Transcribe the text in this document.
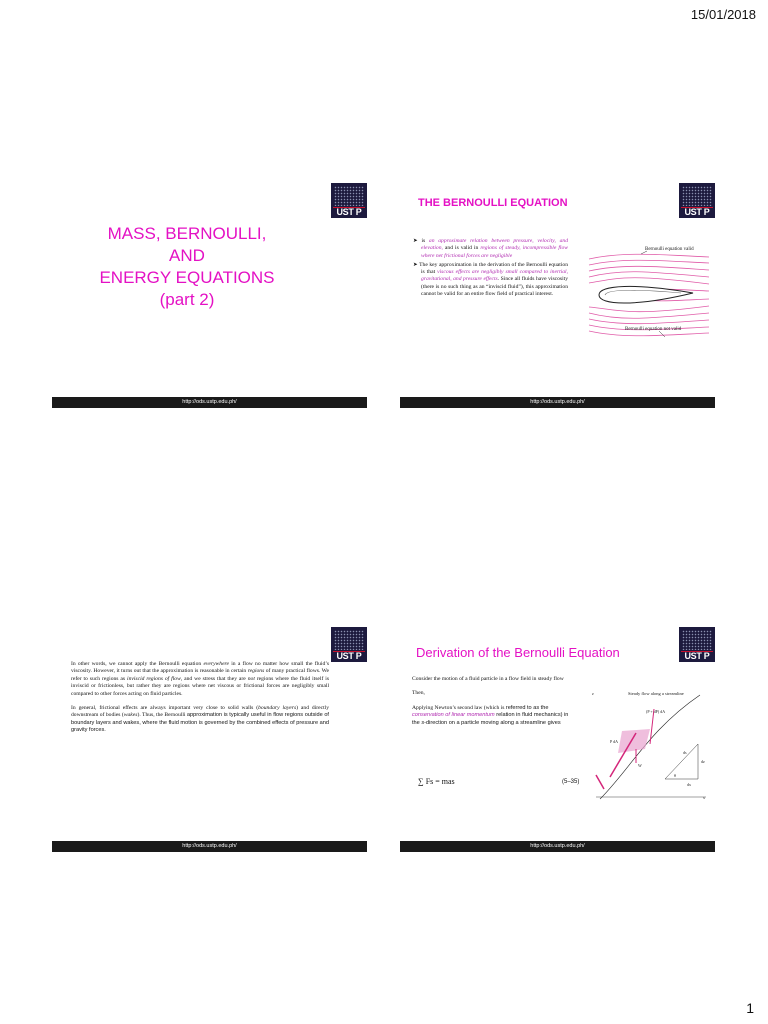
15/01/2018
UST P
MASS, BERNOULLI,
AND
ENERGY EQUATIONS
(part 2)
http://ods.ustp.edu.ph/
UST P
THE BERNOULLI EQUATION

➤ is an approximate relation between pressure, velocity, and elevation, and is valid in regions of steady, incompressible flow where net frictional forces are negligible

➤ The key approximation in the derivation of the Bernoulli equation is that viscous effects are negligibly small compared to inertial, gravitational, and pressure effects. Since all fluids have viscosity (there is no such thing as an “inviscid fluid”), this approximation cannot be valid for an entire flow field of practical interest.

Bernoulli equation valid
Bernoulli equation not valid
http://ods.ustp.edu.ph/
UST P

In other words, we cannot apply the Bernoulli equation everywhere in a flow no matter how small the fluid’s viscosity. However, it turns out that the approximation is reasonable in certain regions of many practical flows. We refer to such regions as inviscid regions of flow, and we stress that they are not regions where the fluid itself is inviscid or frictionless, but rather they are regions where net viscous or frictional forces are negligibly small compared to other forces acting on fluid particles.

In general, frictional effects are always important very close to solid walls (boundary layers) and directly downstream of bodies (wakes). Thus, the Bernoulli approximation is typically useful in flow regions outside of boundary layers and wakes, where the fluid motion is governed by the combined effects of pressure and gravity forces.

http://ods.ustp.edu.ph/
UST P
Derivation of the Bernoulli Equation

Consider the motion of a fluid particle in a flow field in steady flow

Then,

Applying Newton’s second law (which is referred to as the conservation of linear momentum relation in fluid mechanics) in the s-direction on a particle moving along a streamline gives

∑ Fs = mas	(5–35)
Steady flow along a streamline
(P + dP) dA
P dA
W
ds
dz
θ
dx
z
x
http://ods.ustp.edu.ph/
1
